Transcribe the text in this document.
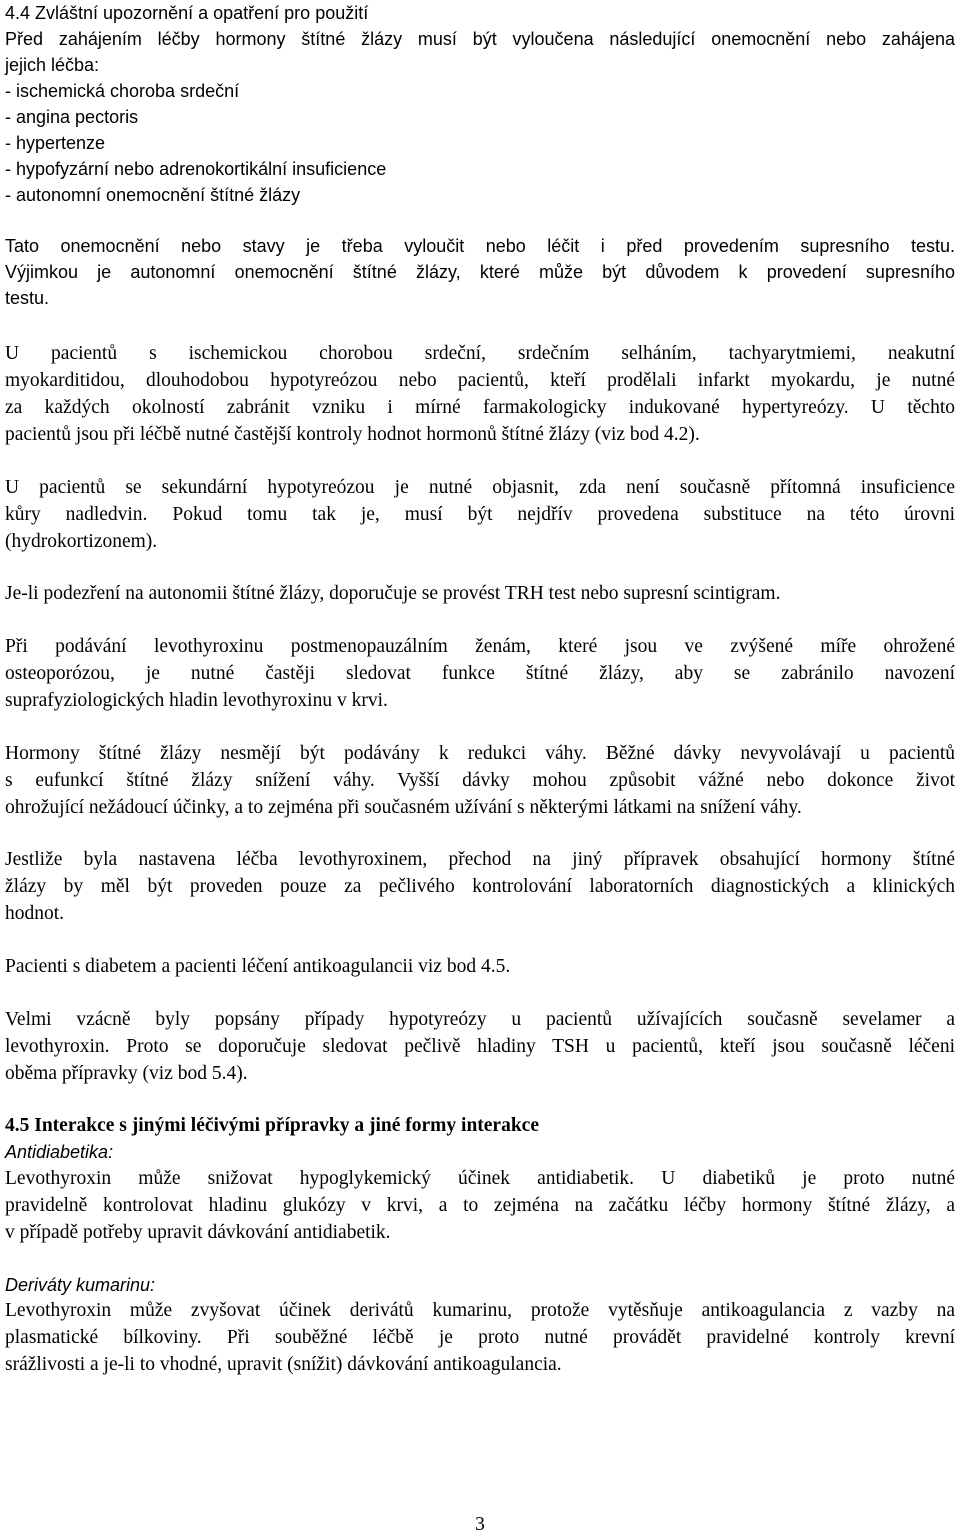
4.4 Zvláštní upozornění a opatření pro použití
Před zahájením léčby hormony štítné žlázy musí být vyloučena následující onemocnění nebo zahájena
jejich léčba:
- ischemická choroba srdeční
- angina pectoris
- hypertenze
- hypofyzární nebo adrenokortikální insuficience
- autonomní onemocnění štítné žlázy
Tato onemocnění nebo stavy je třeba vyloučit nebo léčit i před provedením supresního testu.
Výjimkou je autonomní onemocnění štítné žlázy, které může být důvodem k provedení supresního
testu.
U pacientů s ischemickou chorobou srdeční, srdečním selháním, tachyarytmiemi, neakutní
myokarditidou, dlouhodobou hypotyreózou nebo pacientů, kteří prodělali infarkt myokardu, je nutné
za každých okolností zabránit vzniku i mírné farmakologicky indukované hypertyreózy. U těchto
pacientů jsou při léčbě nutné častější kontroly hodnot hormonů štítné žlázy (viz bod 4.2).
U pacientů se sekundární hypotyreózou je nutné objasnit, zda není současně přítomná insuficience
kůry nadledvin. Pokud tomu tak je, musí být nejdřív provedena substituce na této úrovni
(hydrokortizonem).
Je-li podezření na autonomii štítné žlázy, doporučuje se provést TRH test nebo supresní scintigram.
Při podávání levothyroxinu postmenopauzálním ženám, které jsou ve zvýšené míře ohrožené
osteoporózou, je nutné častěji sledovat funkce štítné žlázy, aby se zabránilo navození
suprafyziologických hladin levothyroxinu v krvi.
Hormony štítné žlázy nesmějí být podávány k redukci váhy. Běžné dávky nevyvolávají u pacientů
s eufunkcí štítné žlázy snížení váhy. Vyšší dávky mohou způsobit vážné nebo dokonce život
ohrožující nežádoucí účinky, a to zejména při současném užívání s některými látkami na snížení váhy.
Jestliže byla nastavena léčba levothyroxinem, přechod na jiný přípravek obsahující hormony štítné
žlázy by měl být proveden pouze za pečlivého kontrolování laboratorních diagnostických a klinických
hodnot.
Pacienti s diabetem a pacienti léčení antikoagulancii viz bod 4.5.
Velmi vzácně byly popsány případy hypotyreózy u pacientů užívajících současně sevelamer a
levothyroxin. Proto se doporučuje sledovat pečlivě hladiny TSH u pacientů, kteří jsou současně léčeni
oběma přípravky (viz bod 5.4).
4.5 Interakce s jinými léčivými přípravky a jiné formy interakce
Antidiabetika:
Levothyroxin může snižovat hypoglykemický účinek antidiabetik. U diabetiků je proto nutné
pravidelně kontrolovat hladinu glukózy v krvi, a to zejména na začátku léčby hormony štítné žlázy, a
v případě potřeby upravit dávkování antidiabetik.
Deriváty kumarinu:
Levothyroxin může zvyšovat účinek derivátů kumarinu, protože vytěsňuje antikoagulancia z vazby na
plasmatické bílkoviny. Při souběžné léčbě je proto nutné provádět pravidelné kontroly krevní
srážlivosti a je-li to vhodné, upravit (snížit) dávkování antikoagulancia.
3
